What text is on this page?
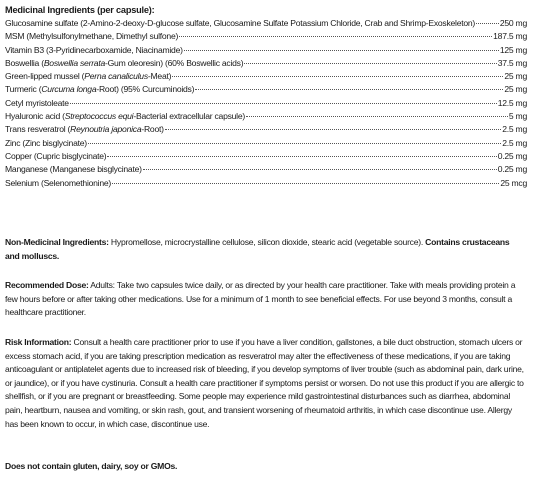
Medicinal Ingredients (per capsule):
Glucosamine sulfate (2-Amino-2-deoxy-D-glucose sulfate, Glucosamine Sulfate Potassium Chloride, Crab and Shrimp-Exoskeleton)	250 mg
MSM (Methylsulfonylmethane, Dimethyl sulfone)	187.5 mg
Vitamin B3 (3-Pyridinecarboxamide, Niacinamide)	125 mg
Boswellia (Boswellia serrata-Gum oleoresin) (60% Boswellic acids)	37.5 mg
Green-lipped mussel (Perna canaliculus-Meat)	25 mg
Turmeric (Curcuma longa-Root) (95% Curcuminoids)	25 mg
Cetyl myristoleate	12.5 mg
Hyaluronic acid (Streptococcus equi-Bacterial extracellular capsule)	5 mg
Trans resveratrol (Reynoutria japonica-Root)	2.5 mg
Zinc (Zinc bisglycinate)	2.5 mg
Copper (Cupric bisglycinate)	0.25 mg
Manganese (Manganese bisglycinate)	0.25 mg
Selenium (Selenomethionine)	25 mcg

Non-Medicinal Ingredients: Hypromellose, microcrystalline cellulose, silicon dioxide, stearic acid (vegetable source). Contains crustaceans and molluscs.

Recommended Dose: Adults: Take two capsules twice daily, or as directed by your health care practitioner. Take with meals providing protein a few hours before or after taking other medications. Use for a minimum of 1 month to see beneficial effects. For use beyond 3 months, consult a healthcare practitioner.

Risk Information: Consult a health care practitioner prior to use if you have a liver condition, gallstones, a bile duct obstruction, stomach ulcers or excess stomach acid, if you are taking prescription medication as resveratrol may alter the effectiveness of these medications, if you are taking anticoagulant or antiplatelet agents due to increased risk of bleeding, if you develop symptoms of liver trouble (such as abdominal pain, dark urine, or jaundice), or if you have cystinuria. Consult a health care practitioner if symptoms persist or worsen. Do not use this product if you are allergic to shellfish, or if you are pregnant or breastfeeding. Some people may experience mild gastrointestinal disturbances such as diarrhea, abdominal pain, heartburn, nausea and vomiting, or skin rash, gout, and transient worsening of rheumatoid arthritis, in which case discontinue use. Allergy has been known to occur, in which case, discontinue use.

Does not contain gluten, dairy, soy or GMOs.
